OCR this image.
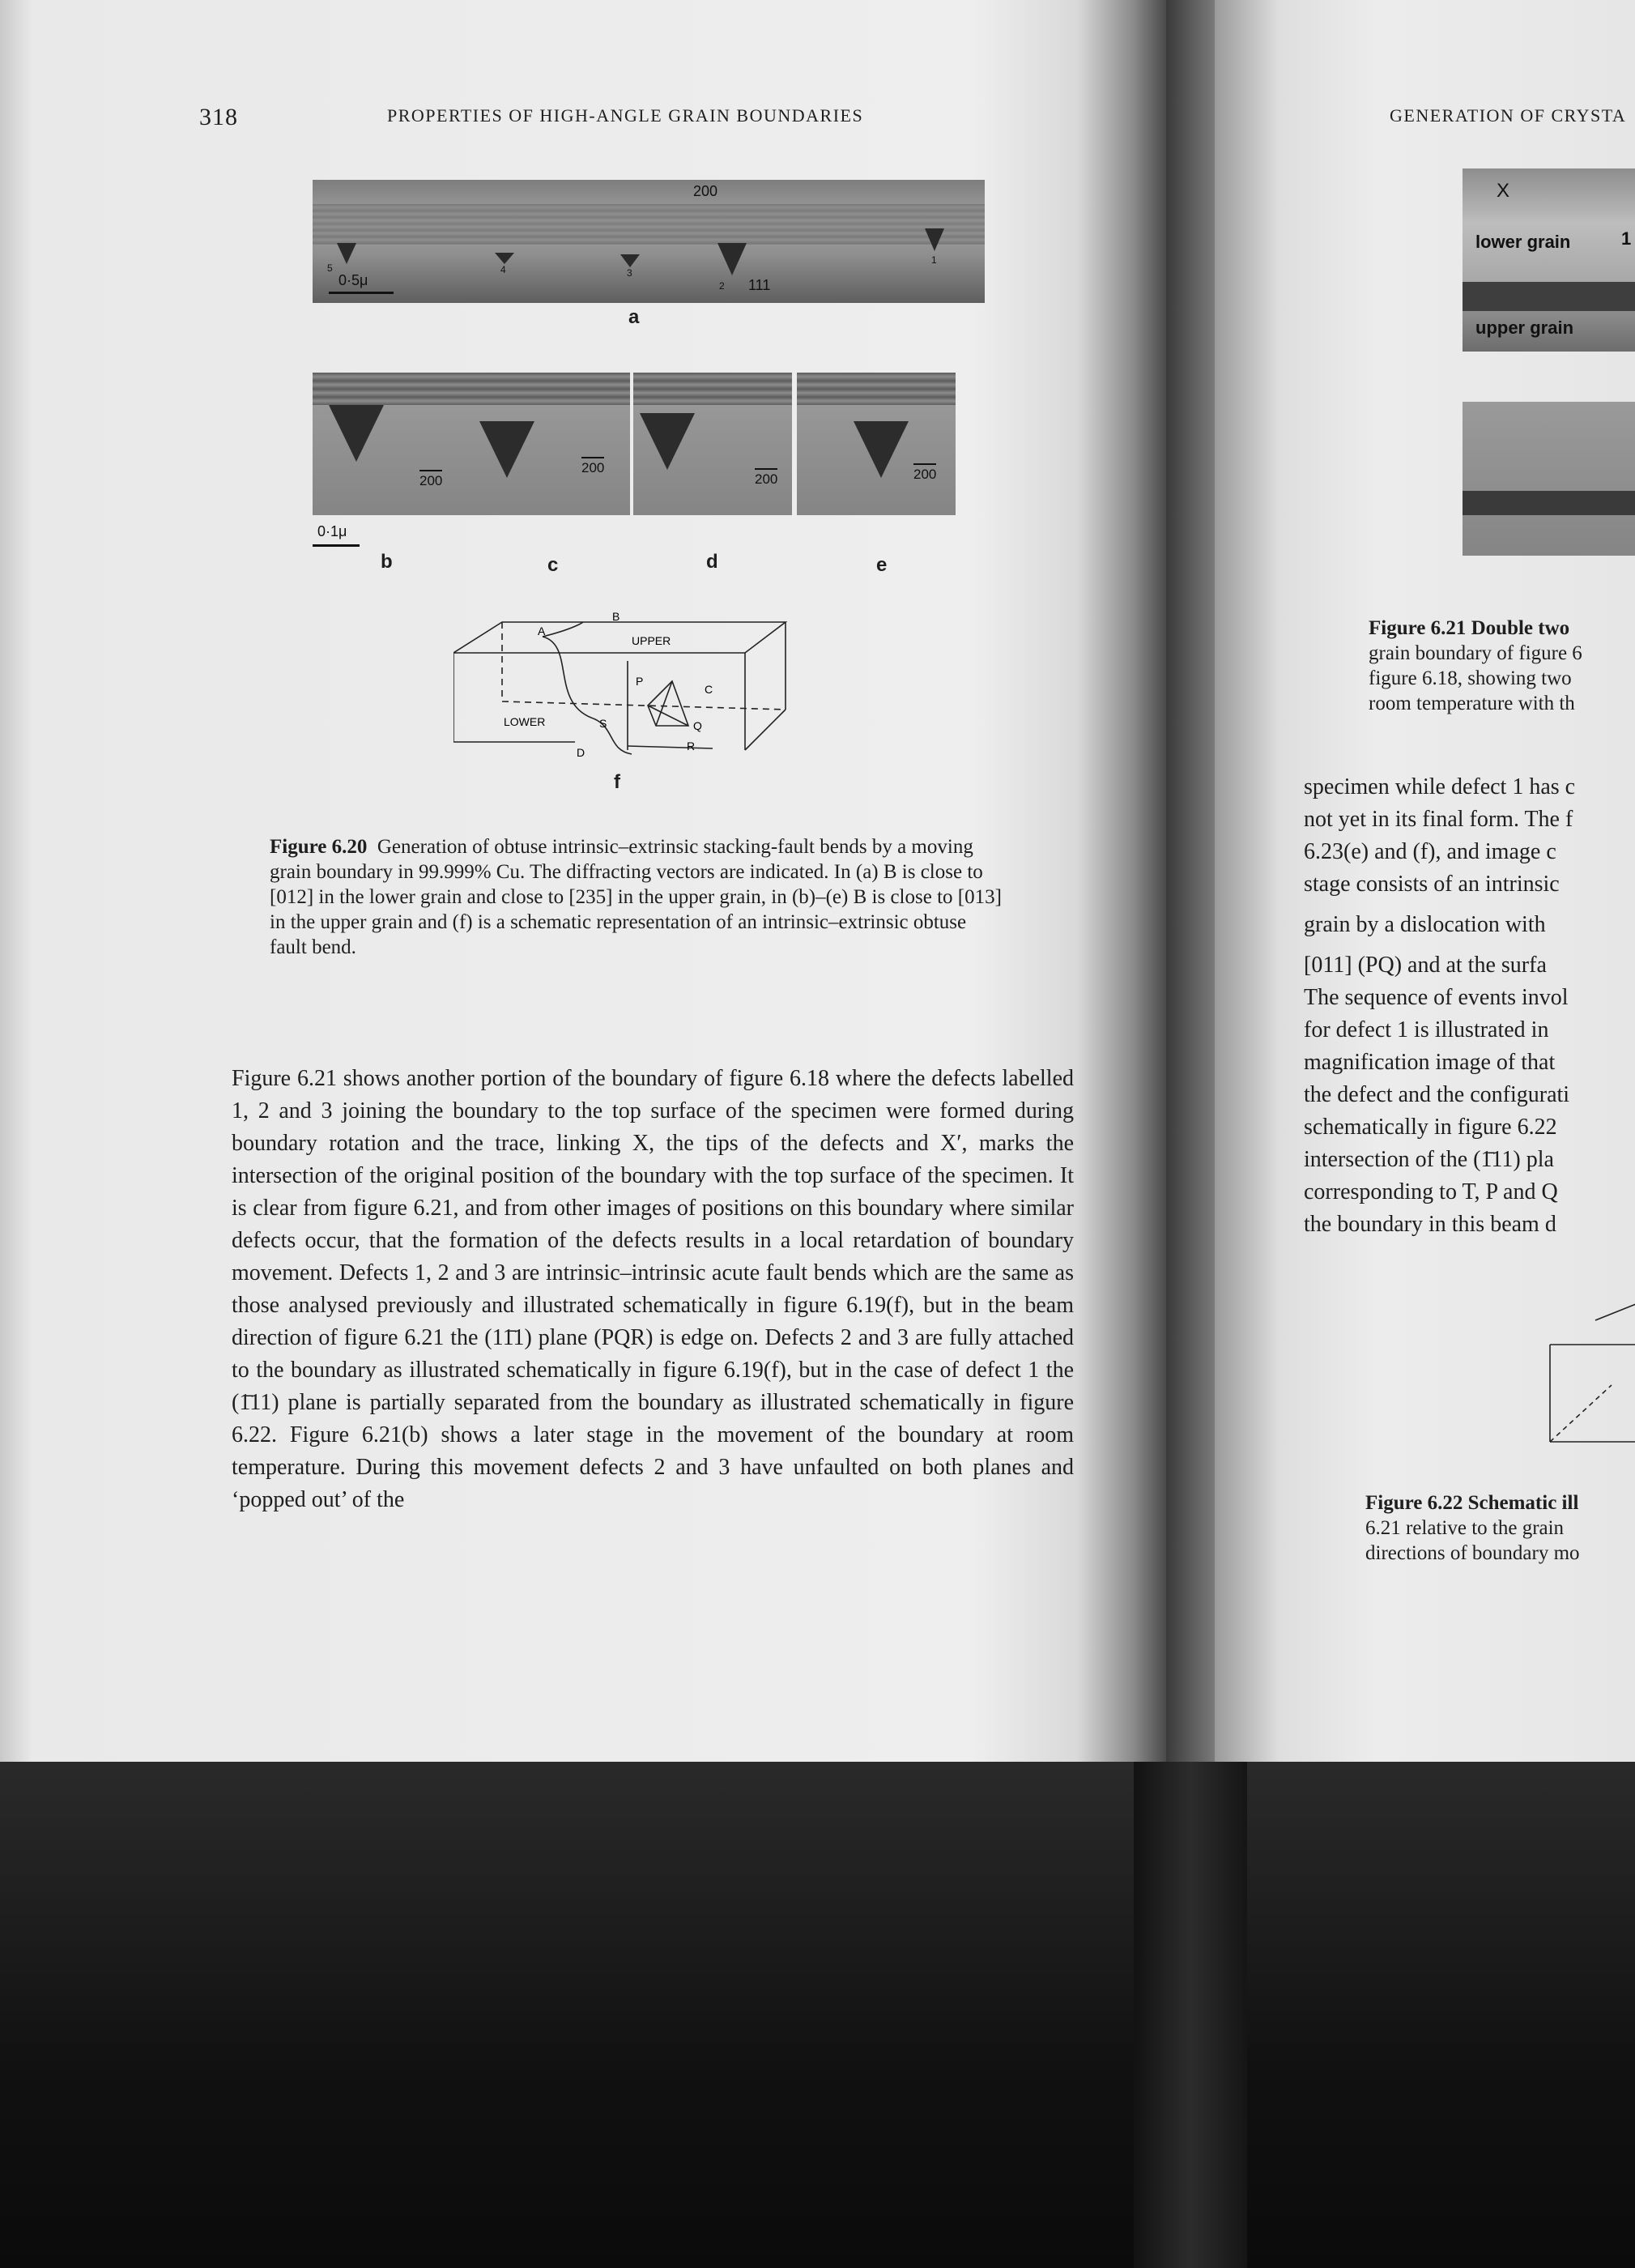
318	PROPERTIES OF HIGH-ANGLE GRAIN BOUNDARIES
200
111
0·5μ
5	4	3
2
1
a
200
200
200	200
0·1μ
b	c	d	e
A
B
UPPER
P
C
LOWER	S	Q
R
D
f
Figure 6.20 Generation of obtuse intrinsic–extrinsic stacking-fault bends by a moving grain boundary in 99.999% Cu. The diffracting vectors are indicated. In (a) B is close to [012] in the lower grain and close to [235] in the upper grain, in (b)–(e) B is close to [013] in the upper grain and (f) is a schematic representation of an intrinsic–extrinsic obtuse fault bend.
Figure 6.21 shows another portion of the boundary of figure 6.18 where the defects labelled 1, 2 and 3 joining the boundary to the top surface of the specimen were formed during boundary rotation and the trace, linking X, the tips of the defects and X′, marks the intersection of the original position of the boundary with the top surface of the specimen. It is clear from figure 6.21, and from other images of positions on this boundary where similar defects occur, that the formation of the defects results in a local retardation of boundary movement. Defects 1, 2 and 3 are intrinsic–intrinsic acute fault bends which are the same as those analysed previously and illustrated schematically in figure 6.19(f), but in the beam direction of figure 6.21 the (11̄1) plane (PQR) is edge on. Defects 2 and 3 are fully attached to the boundary as illustrated schematically in figure 6.19(f), but in the case of defect 1 the (1̄11) plane is partially separated from the boundary as illustrated schematically in figure 6.22. Figure 6.21(b) shows a later stage in the movement of the boundary at room temperature. During this movement defects 2 and 3 have unfaulted on both planes and ‘popped out’ of the
GENERATION OF CRYSTA
X
lower grain	1
upper grain
Figure 6.21 Double two
grain boundary of figure 6
figure 6.18, showing two
room temperature with th
specimen while defect 1 has c
not yet in its final form. The f
6.23(e) and (f), and image c
stage consists of an intrinsic
grain by a dislocation with
[011] (PQ) and at the surfa
The sequence of events invol
for defect 1 is illustrated in
magnification image of that
the defect and the configurati
schematically in figure 6.22
intersection of the (1̄11) pla
corresponding to T, P and Q
the boundary in this beam d
Figure 6.22 Schematic ill
6.21 relative to the grain
directions of boundary mo
